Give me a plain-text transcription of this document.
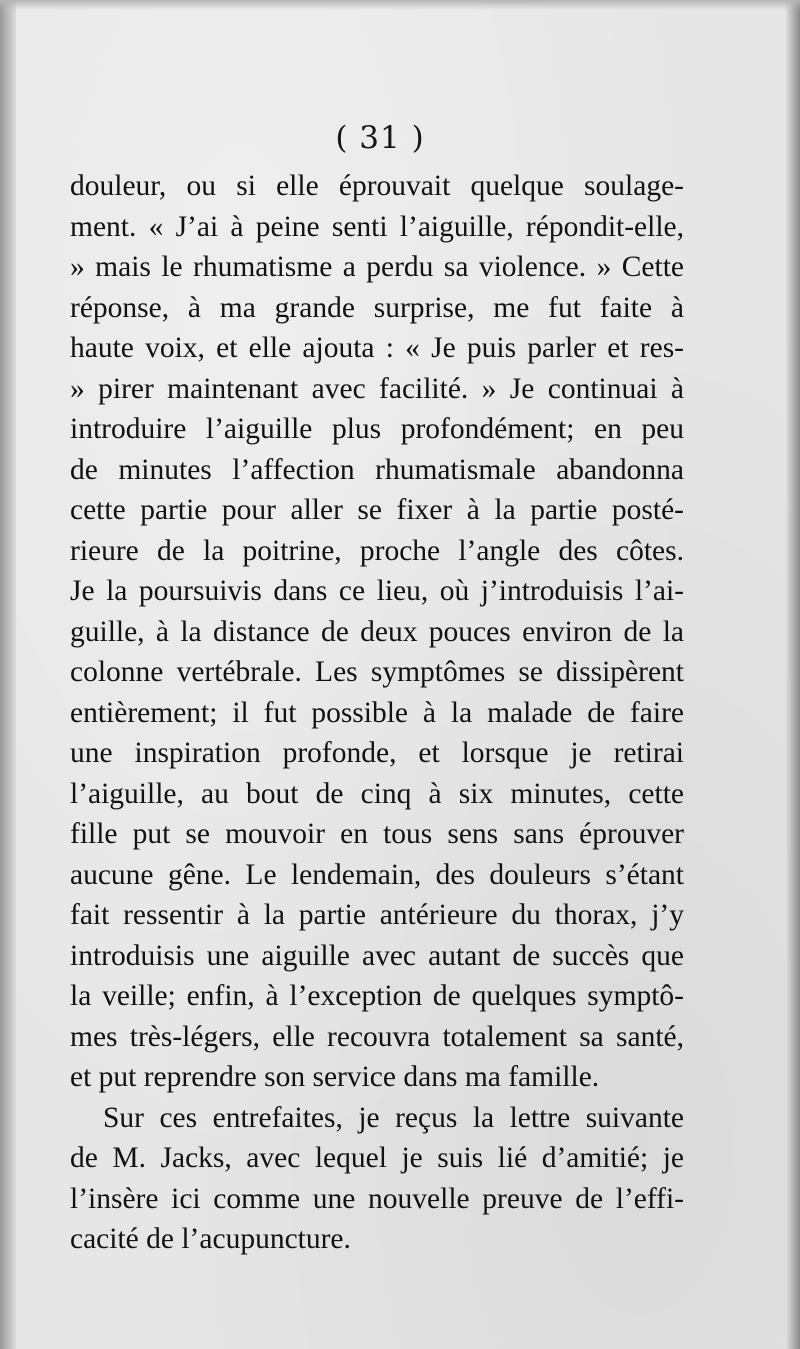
( 31 )
douleur, ou si elle éprouvait quelque soulage-
ment. « J’ai à peine senti l’aiguille, répondit-elle,
» mais le rhumatisme a perdu sa violence. » Cette
réponse, à ma grande surprise, me fut faite à
haute voix, et elle ajouta : « Je puis parler et res-
» pirer maintenant avec facilité. » Je continuai à
introduire l’aiguille plus profondément; en peu
de minutes l’affection rhumatismale abandonna
cette partie pour aller se fixer à la partie posté-
rieure de la poitrine, proche l’angle des côtes.
Je la poursuivis dans ce lieu, où j’introduisis l’ai-
guille, à la distance de deux pouces environ de la
colonne vertébrale. Les symptômes se dissipèrent
entièrement; il fut possible à la malade de faire
une inspiration profonde, et lorsque je retirai
l’aiguille, au bout de cinq à six minutes, cette
fille put se mouvoir en tous sens sans éprouver
aucune gêne. Le lendemain, des douleurs s’étant
fait ressentir à la partie antérieure du thorax, j’y
introduisis une aiguille avec autant de succès que
la veille; enfin, à l’exception de quelques symptô-
mes très-légers, elle recouvra totalement sa santé,
et put reprendre son service dans ma famille.
Sur ces entrefaites, je reçus la lettre suivante
de M. Jacks, avec lequel je suis lié d’amitié; je
l’insère ici comme une nouvelle preuve de l’effi-
cacité de l’acupuncture.
